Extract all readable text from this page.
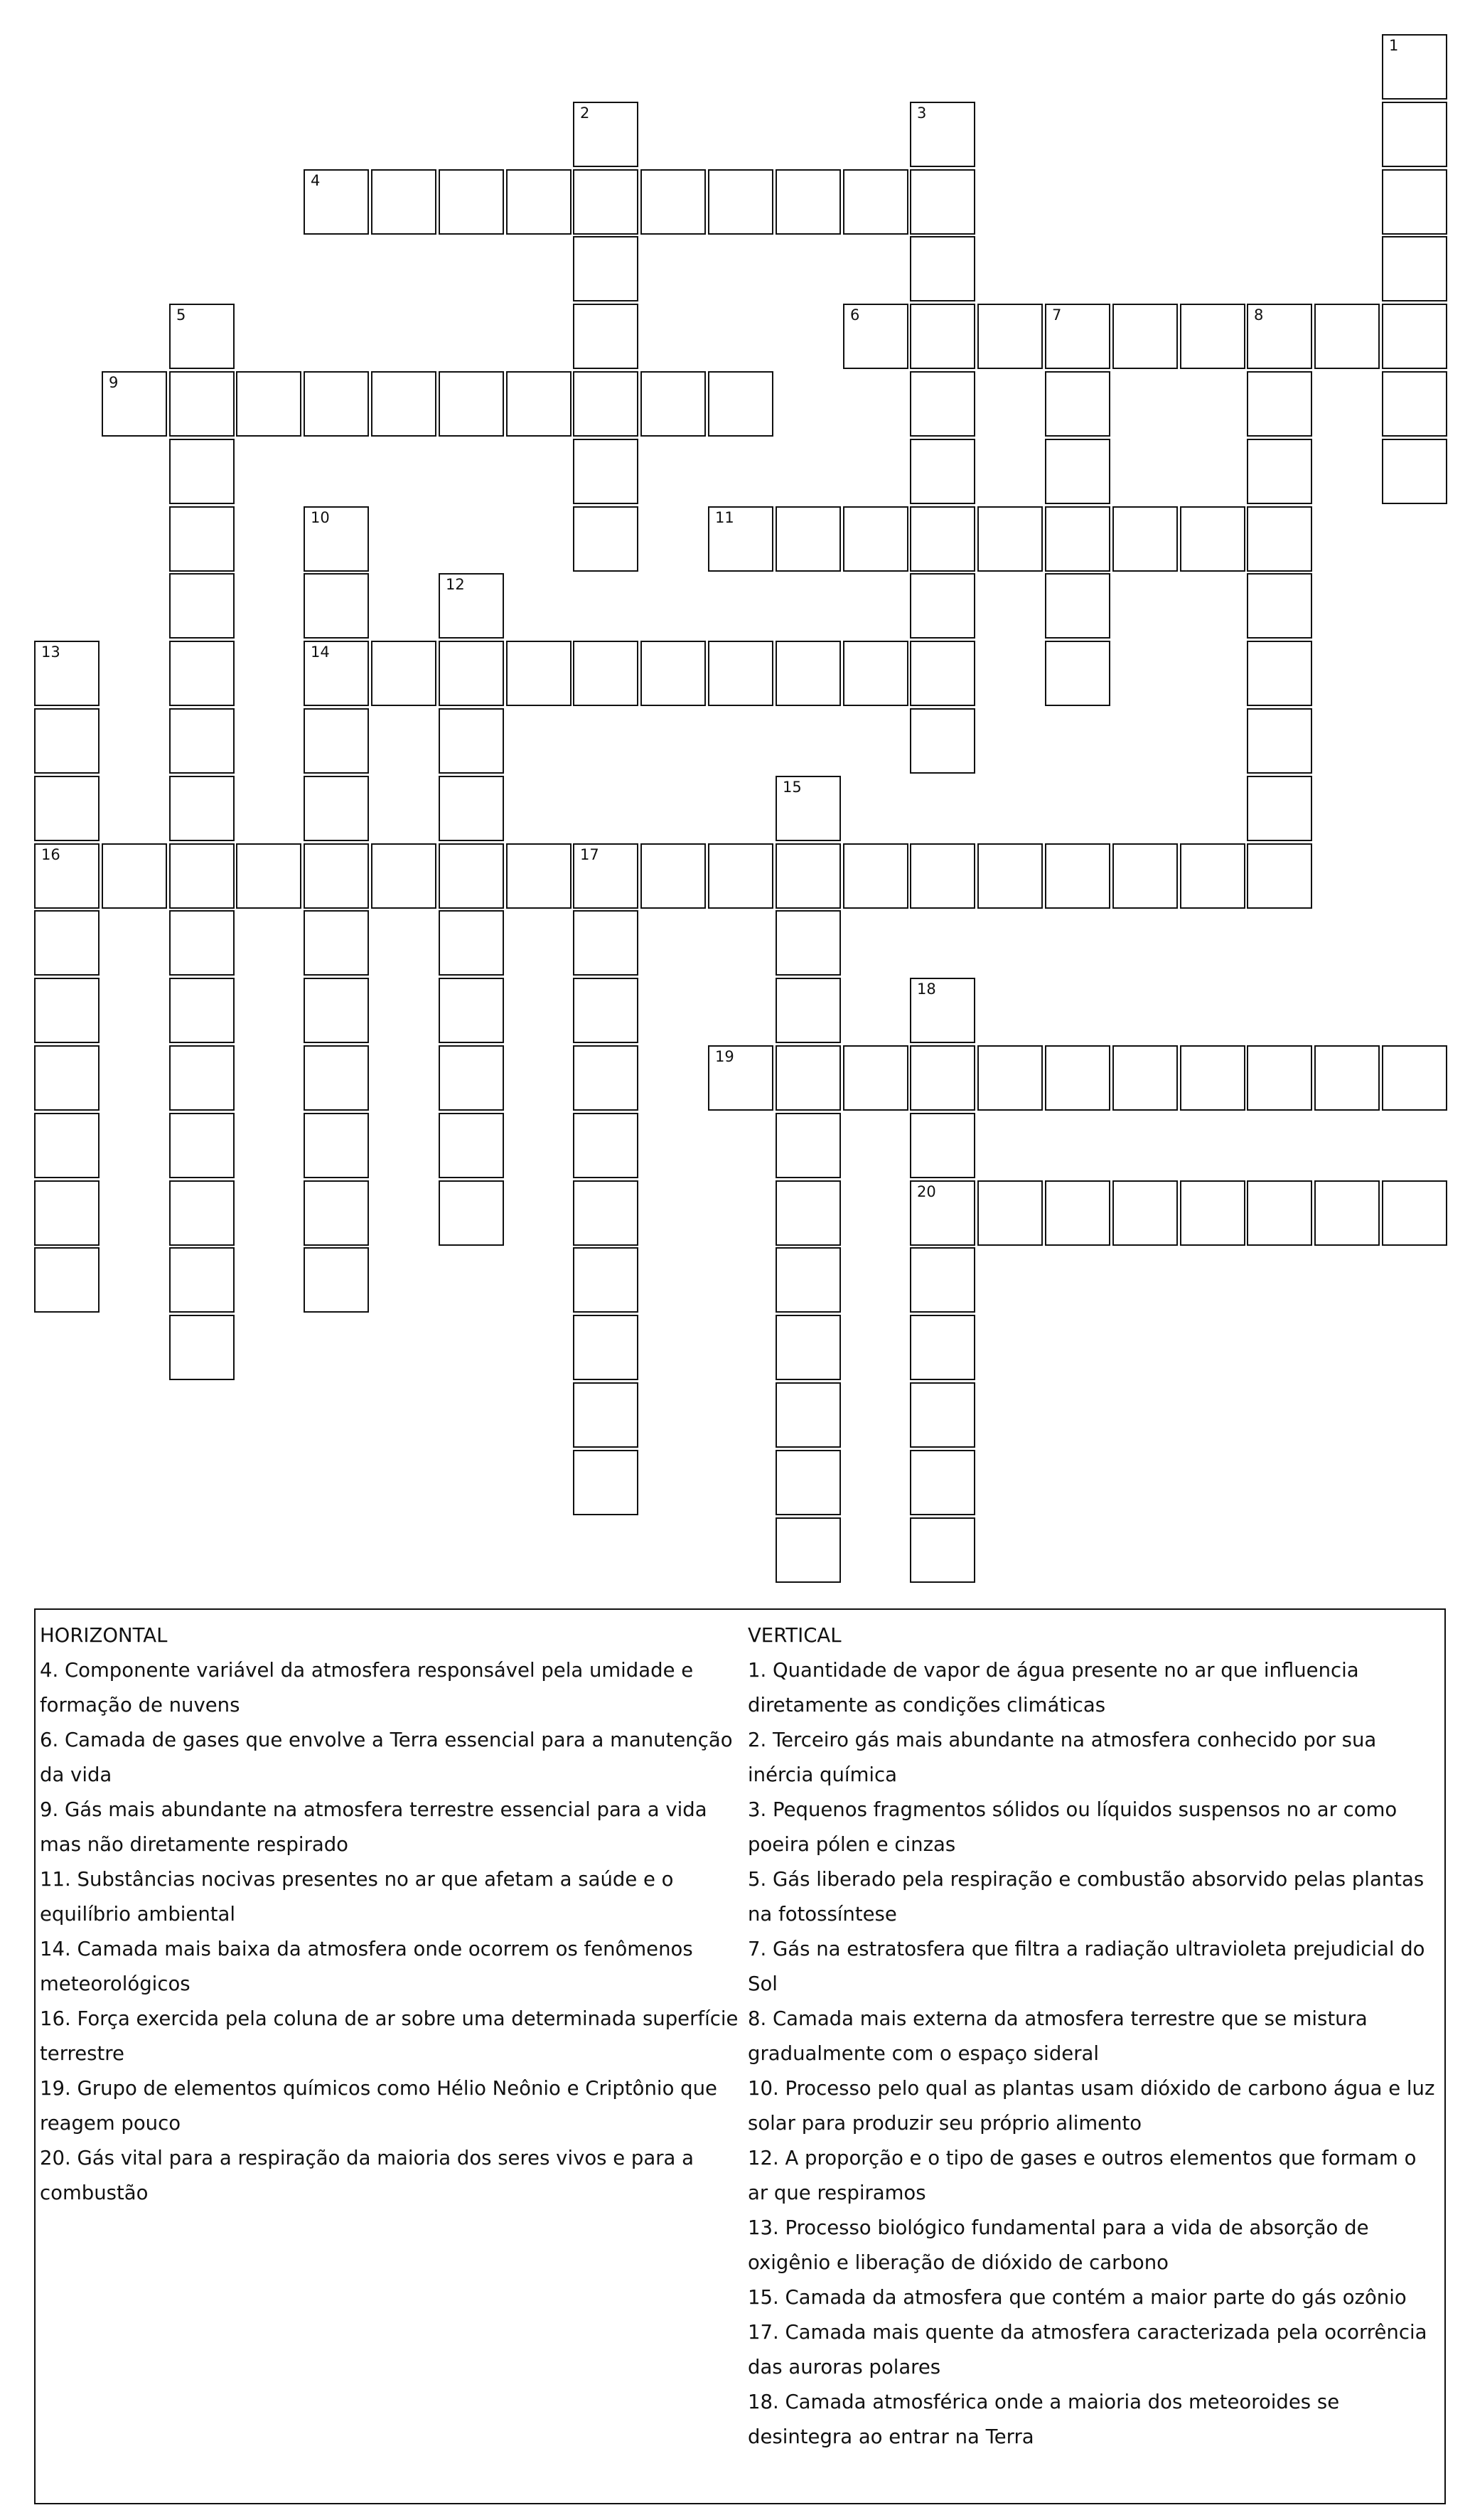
1
2	3
4
5	6	7	8
9
10
14
11
12
13
16
15
17
18
20
19
HORIZONTAL
4. Componente variável da atmosfera responsável pela umidade e formação de nuvens
6. Camada de gases que envolve a Terra essencial para a manutenção da vida
9. Gás mais abundante na atmosfera terrestre essencial para a vida mas não diretamente respirado
11. Substâncias nocivas presentes no ar que afetam a saúde e o equilíbrio ambiental
14. Camada mais baixa da atmosfera onde ocorrem os fenômenos meteorológicos
16. Força exercida pela coluna de ar sobre uma determinada superfície terrestre
19. Grupo de elementos químicos como Hélio Neônio e Criptônio que reagem pouco
20. Gás vital para a respiração da maioria dos seres vivos e para a combustão
VERTICAL
1. Quantidade de vapor de água presente no ar que influencia diretamente as condições climáticas
2. Terceiro gás mais abundante na atmosfera conhecido por sua inércia química
3. Pequenos fragmentos sólidos ou líquidos suspensos no ar como poeira pólen e cinzas
5. Gás liberado pela respiração e combustão absorvido pelas plantas na fotossíntese
7. Gás na estratosfera que filtra a radiação ultravioleta prejudicial do Sol
8. Camada mais externa da atmosfera terrestre que se mistura gradualmente com o espaço sideral
10. Processo pelo qual as plantas usam dióxido de carbono água e luz solar para produzir seu próprio alimento
12. A proporção e o tipo de gases e outros elementos que formam o ar que respiramos
13. Processo biológico fundamental para a vida de absorção de oxigênio e liberação de dióxido de carbono
15. Camada da atmosfera que contém a maior parte do gás ozônio
17. Camada mais quente da atmosfera caracterizada pela ocorrência das auroras polares
18. Camada atmosférica onde a maioria dos meteoroides se desintegra ao entrar na Terra
